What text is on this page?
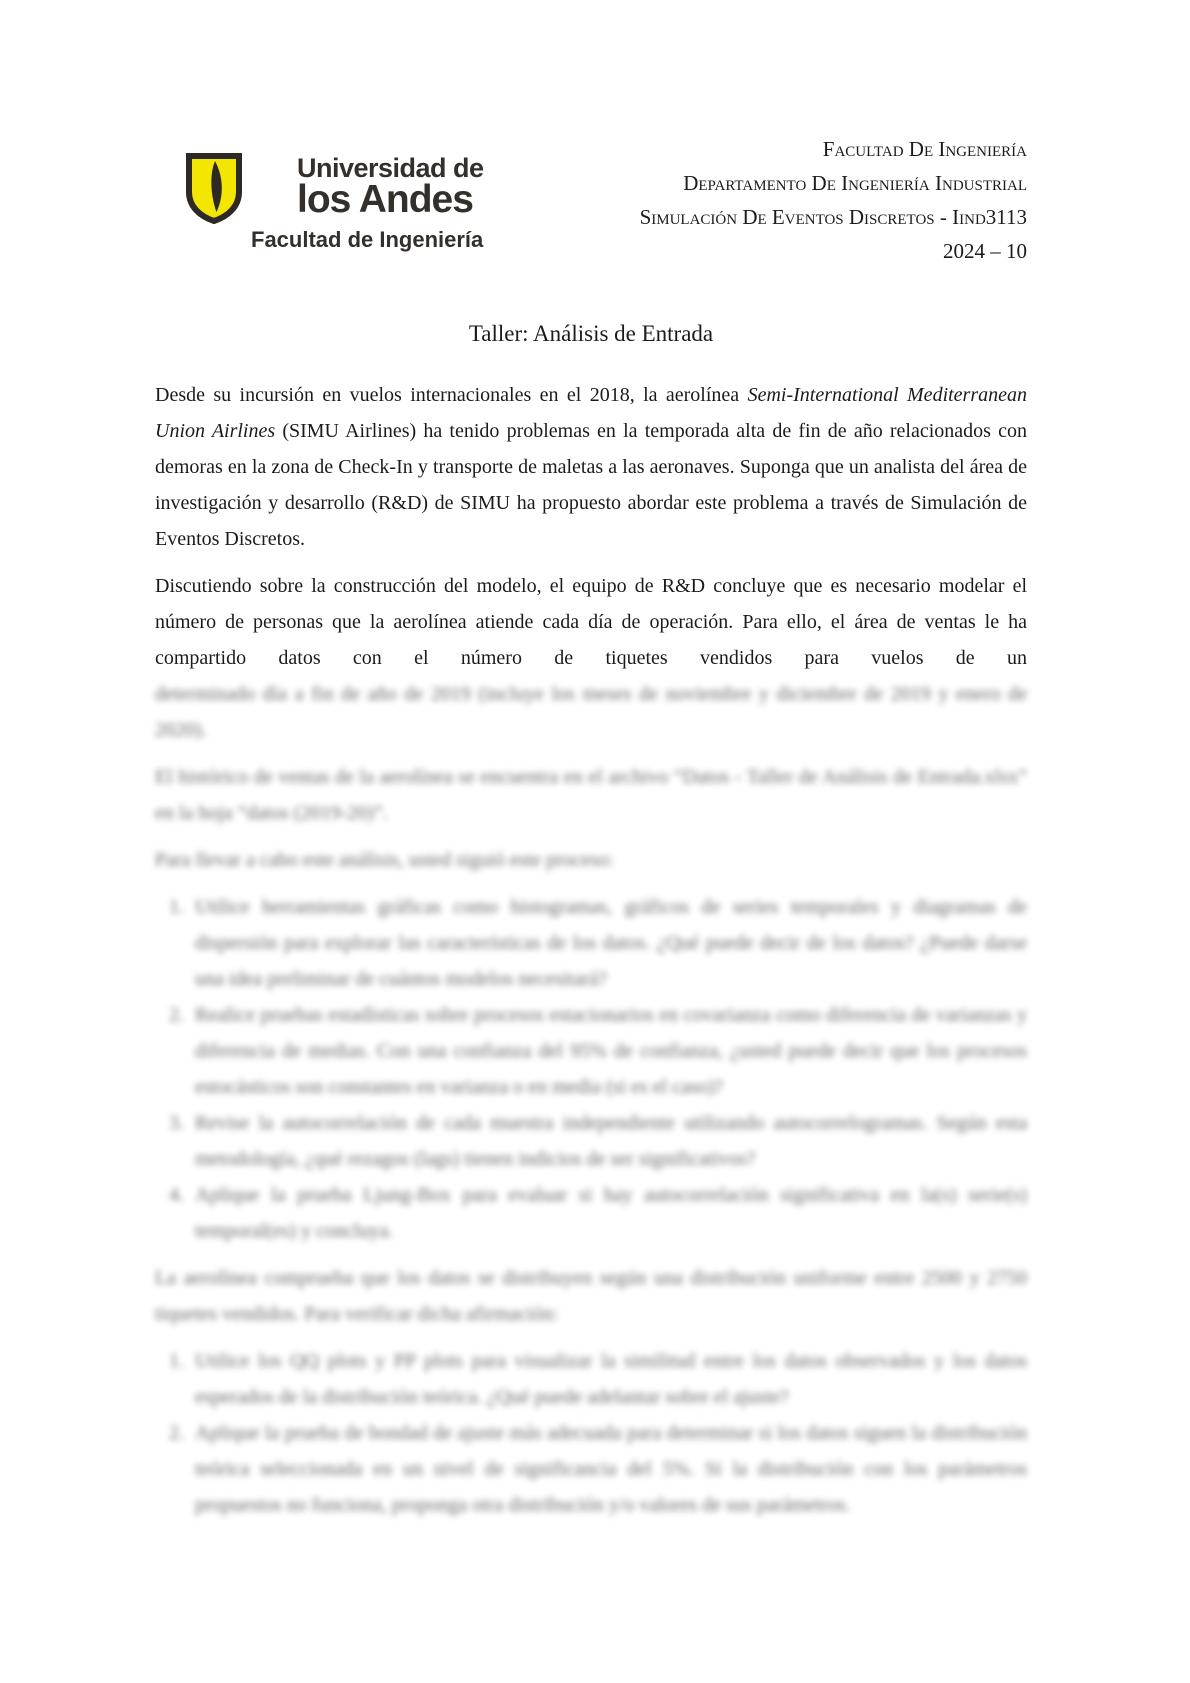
Universidad de
los Andes
Facultad de Ingeniería
Facultad De Ingeniería
Departamento De Ingeniería Industrial
Simulación De Eventos Discretos - Iind3113
2024 – 10
Taller: Análisis de Entrada

Desde su incursión en vuelos internacionales en el 2018, la aerolínea Semi-International Mediterranean Union Airlines (SIMU Airlines) ha tenido problemas en la temporada alta de fin de año relacionados con demoras en la zona de Check-In y transporte de maletas a las aeronaves. Suponga que un analista del área de investigación y desarrollo (R&D) de SIMU ha propuesto abordar este problema a través de Simulación de Eventos Discretos.

Discutiendo sobre la construcción del modelo, el equipo de R&D concluye que es necesario modelar el número de personas que la aerolínea atiende cada día de operación. Para ello, el área de ventas le ha compartido datos con el número de tiquetes vendidos para vuelos de un
determinado día a fin de año de 2019 (incluye los meses de noviembre y diciembre de 2019 y enero de 2020).

El histórico de ventas de la aerolínea se encuentra en el archivo “Datos - Taller de Análisis de Entrada.xlsx” en la hoja “datos (2019-20)”.

Para llevar a cabo este análisis, usted siguió este proceso:

1. Utilice herramientas gráficas como histogramas, gráficos de series temporales y diagramas de dispersión para explorar las características de los datos. ¿Qué puede decir de los datos? ¿Puede darse una idea preliminar de cuántos modelos necesitará?
2. Realice pruebas estadísticas sobre procesos estacionarios en covarianza como diferencia de varianzas y diferencia de medias. Con una confianza del 95% de confianza, ¿usted puede decir que los procesos estocásticos son constantes en varianza o en media (si es el caso)?
3. Revise la autocorrelación de cada muestra independiente utilizando autocorrelogramas. Según esta metodología, ¿qué rezagos (lags) tienen indicios de ser significativos?
4. Aplique la prueba Ljung-Box para evaluar si hay autocorrelación significativa en la(s) serie(s) temporal(es) y concluya.

La aerolínea comprueba que los datos se distribuyen según una distribución uniforme entre 2500 y 2750 tiquetes vendidos. Para verificar dicha afirmación:

1. Utilice los QQ plots y PP plots para visualizar la similitud entre los datos observados y los datos esperados de la distribución teórica. ¿Qué puede adelantar sobre el ajuste?
2. Aplique la prueba de bondad de ajuste más adecuada para determinar si los datos siguen la distribución teórica seleccionada en un nivel de significancia del 5%. Si la distribución con los parámetros propuestos no funciona, proponga otra distribución y/o valores de sus parámetros.
